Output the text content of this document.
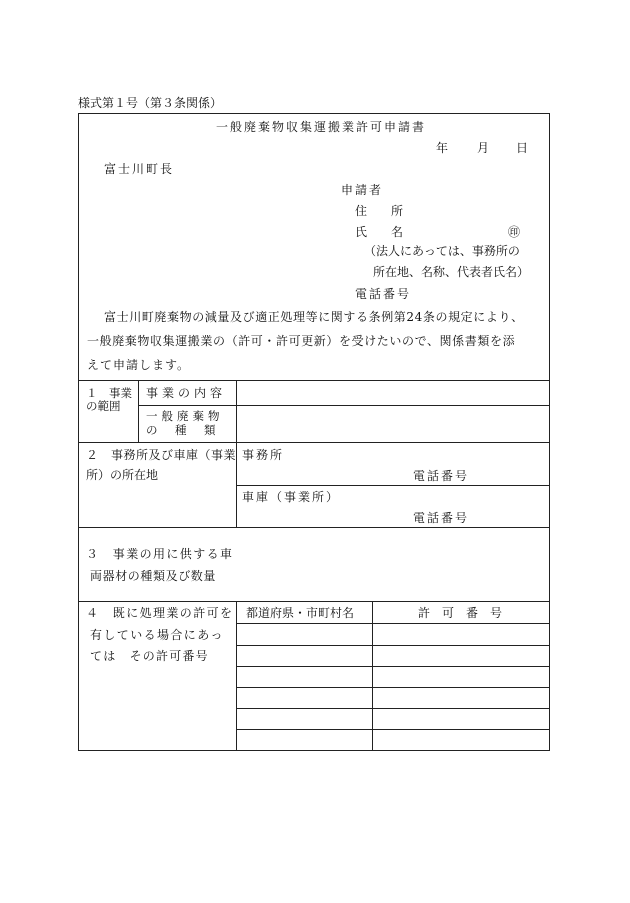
様式第１号（第３条関係）
一般廃棄物収集運搬業許可申請書
年 月 日
富士川町長
申請者
住　　所
氏　　名	㊞
（法人にあっては、事務所の
所在地、名称、代表者氏名）
電話番号
富士川町廃棄物の減量及び適正処理等に関する条例第24条の規定により、
一般廃棄物収集運搬業の（許可・許可更新）を受けたいので、関係書類を添
えて申請します。
１　事業
の範囲
事業の内容
一般廃棄物
の　種　類
２　事務所及び車庫（事業
所）の所在地
事務所
電話番号
車庫（事業所）
電話番号
３　事業の用に供する車
両器材の種類及び数量
４　既に処理業の許可を
有している場合にあっ
ては　その許可番号
都道府県・市町村名	許　可　番　号
